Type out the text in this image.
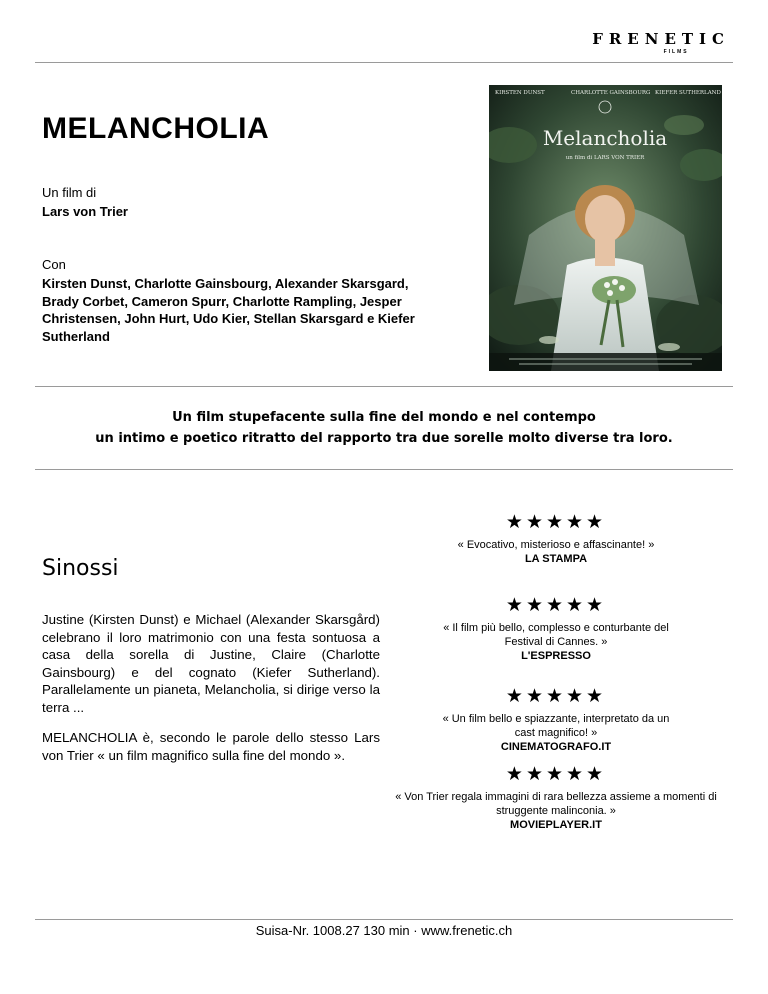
FRENETIC
FILMS
MELANCHOLIA
Un film di
Lars von Trier
Con
Kirsten Dunst, Charlotte Gainsbourg, Alexander Skarsgard, Brady Corbet, Cameron Spurr, Charlotte Rampling, Jesper Christensen, John Hurt, Udo Kier, Stellan Skarsgard e Kiefer Sutherland
KIRSTEN DUNST	CHARLOTTE GAINSBOURG KIEFER SUTHERLAND
Melancholia
un film di LARS VON TRIER
Un film stupefacente sulla fine del mondo e nel contempo
un intimo e poetico ritratto del rapporto tra due sorelle molto diverse tra loro.
Sinossi
Justine (Kirsten Dunst) e Michael (Alexander Skarsgård) celebrano il loro matrimonio con una festa sontuosa a casa della sorella di Justine, Claire (Charlotte Gainsbourg) e del cognato (Kiefer Sutherland). Parallelamente un pianeta, Melancholia, si dirige verso la terra ...
MELANCHOLIA è, secondo le parole dello stesso Lars von Trier « un film magnifico sulla fine del mondo ».
★★★★★
« Evocativo, misterioso e affascinante! »
LA STAMPA
★★★★★
« Il film più bello, complesso e conturbante del Festival di Cannes. »
L'ESPRESSO
★★★★★
« Un film bello e spiazzante, interpretato da un cast magnifico! »
CINEMATOGRAFO.IT
★★★★★
« Von Trier regala immagini di rara bellezza assieme a momenti di struggente malinconia. »
MOVIEPLAYER.IT
Suisa-Nr. 1008.27 130 min · www.frenetic.ch
